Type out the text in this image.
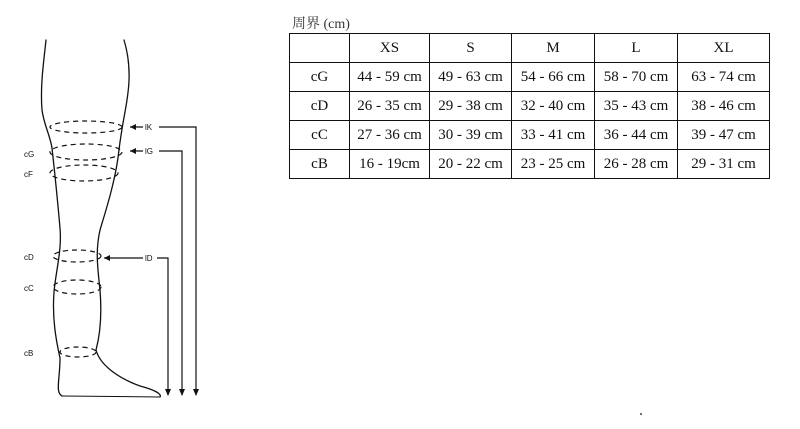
cG
cF
cD
cC
cB
lK
lG
lD
周界 (cm)
	XS	S	M	L	XL
cG	44 - 59 cm	49 - 63 cm	54 - 66 cm	58 - 70 cm	63 - 74 cm
cD	26 - 35 cm	29 - 38 cm	32 - 40 cm	35 - 43 cm	38 - 46 cm
cC	27 - 36 cm	30 - 39 cm	33 - 41 cm	36 - 44 cm	39 - 47 cm
cB	16 - 19cm	20 - 22 cm	23 - 25 cm	26 - 28 cm	29 - 31 cm
